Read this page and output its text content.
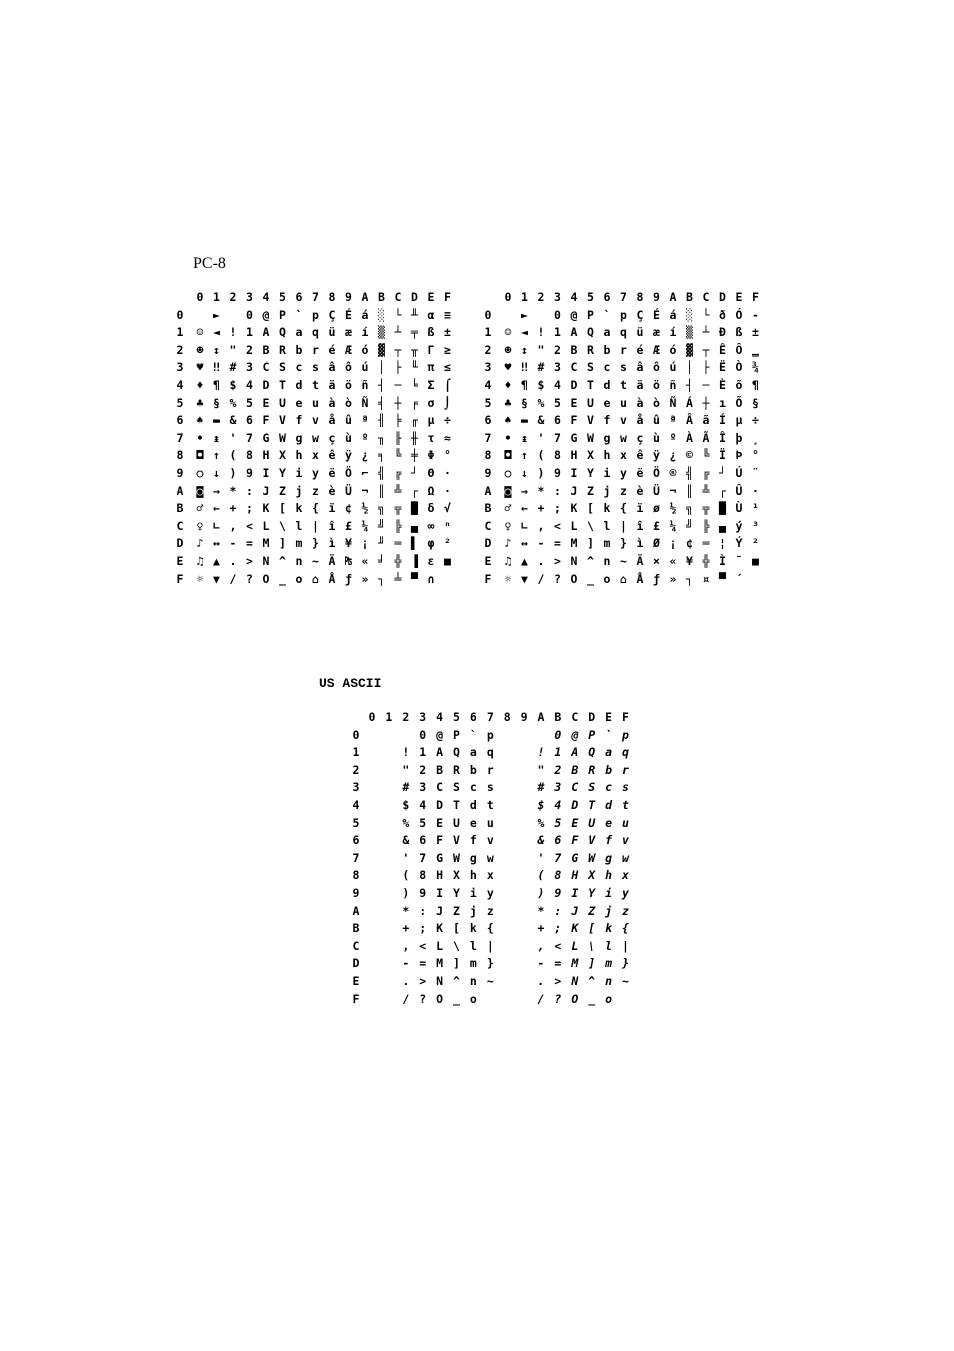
PC-8
US ASCII
0 1 2 3 4 5 6 7 8 9 A B C D E F
0	►	0 @ P ` p Ç É á ░ └ ╨ α ≡
1	☺ ◄ ! 1 A Q a q ü æ í ▒ ┴ ╤ ß ±
2	☻ ↕ " 2 B R b r é Æ ó ▓ ┬ ╥ Γ ≥
3	♥ ‼ # 3 C S c s â ô ú │ ├ ╙ π ≤
4	♦ ¶ $ 4 D T d t ä ö ñ ┤ ─ ╘ Σ ⌠
5	♣ § % 5 E U e u à ò Ñ ╡ ┼ ╒ σ ⌡
6	♠ ▬ & 6 F V f v å û ª ╢ ╞ ╓ µ ÷
7	• ↨ ' 7 G W g w ç ù º ╖ ╟ ╫ τ ≈
8	◘ ↑ ( 8 H X h x ê ÿ ¿ ╕ ╚ ╪ Φ °
9	○ ↓ ) 9 I Y i y ë Ö ⌐ ╣ ╔ ┘ Θ ·
A	◙ → * : J Z j z è Ü ¬ ║ ╩ ┌ Ω ·
B	♂ ← + ; K [ k { ï ¢ ½ ╗ ╦ █ δ √
C	♀ ∟ , < L \ l | î £ ¼ ╝ ╠ ▄ ∞ ⁿ
D	♪ ↔ - = M ] m } ì ¥ ¡ ╜ ═ ▌ φ ²
E	♫ ▲ . > N ^ n ~ Ä ₧ « ╛ ╬ ▐ ε ■
F	☼ ▼ / ? O _ o ⌂ Å ƒ » ┐ ╧ ▀ ∩
0 1 2 3 4 5 6 7 8 9 A B C D E F
0	►	0 @ P ` p Ç É á ░ └ ð Ó -
1	☺ ◄ ! 1 A Q a q ü æ í ▒ ┴ Ð ß ±
2	☻ ↕ " 2 B R b r é Æ ó ▓ ┬ Ê Ô ‗
3	♥ ‼ # 3 C S c s â ô ú │ ├ Ë Ò ¾
4	♦ ¶ $ 4 D T d t ä ö ñ ┤ ─ È õ ¶
5	♣ § % 5 E U e u à ò Ñ Á ┼ ı Õ §
6	♠ ▬ & 6 F V f v å û ª Â ã Í µ ÷
7	• ↨ ' 7 G W g w ç ù º À Ã Î þ ¸
8	◘ ↑ ( 8 H X h x ê ÿ ¿ © ╚ Ï Þ °
9	○ ↓ ) 9 I Y i y ë Ö ® ╣ ╔ ┘ Ú ¨
A	◙ → * : J Z j z è Ü ¬ ║ ╩ ┌ Û ·
B	♂ ← + ; K [ k { ï ø ½ ╗ ╦ █ Ù ¹
C	♀ ∟ , < L \ l | î £ ¼ ╝ ╠ ▄ ý ³
D	♪ ↔ - = M ] m } ì Ø ¡ ¢ ═ ¦ Ý ²
E	♫ ▲ . > N ^ n ~ Ä × « ¥ ╬ Ì ¯ ■
F	☼ ▼ / ? O _ o ⌂ Å ƒ » ┐ ¤ ▀ ´
0 1 2 3 4 5 6 7 8 9 A B C D E F
0	0 @ P ` p	0 @ P ` p
1	! 1 A Q a q	! 1 A Q a q
2	" 2 B R b r	" 2 B R b r
3	# 3 C S c s	# 3 C S c s
4	$ 4 D T d t	$ 4 D T d t
5	% 5 E U e u	% 5 E U e u
6	& 6 F V f v	& 6 F V f v
7	' 7 G W g w	' 7 G W g w
8	( 8 H X h x	( 8 H X h x
9	) 9 I Y i y	) 9 I Y i y
A	* : J Z j z	* : J Z j z
B	+ ; K [ k {	+ ; K [ k {
C	, < L \ l |	, < L \ l |
D	- = M ] m }	- = M ] m }
E	. > N ^ n ~	. > N ^ n ~
F	/ ? O _ o	/ ? O _ o
